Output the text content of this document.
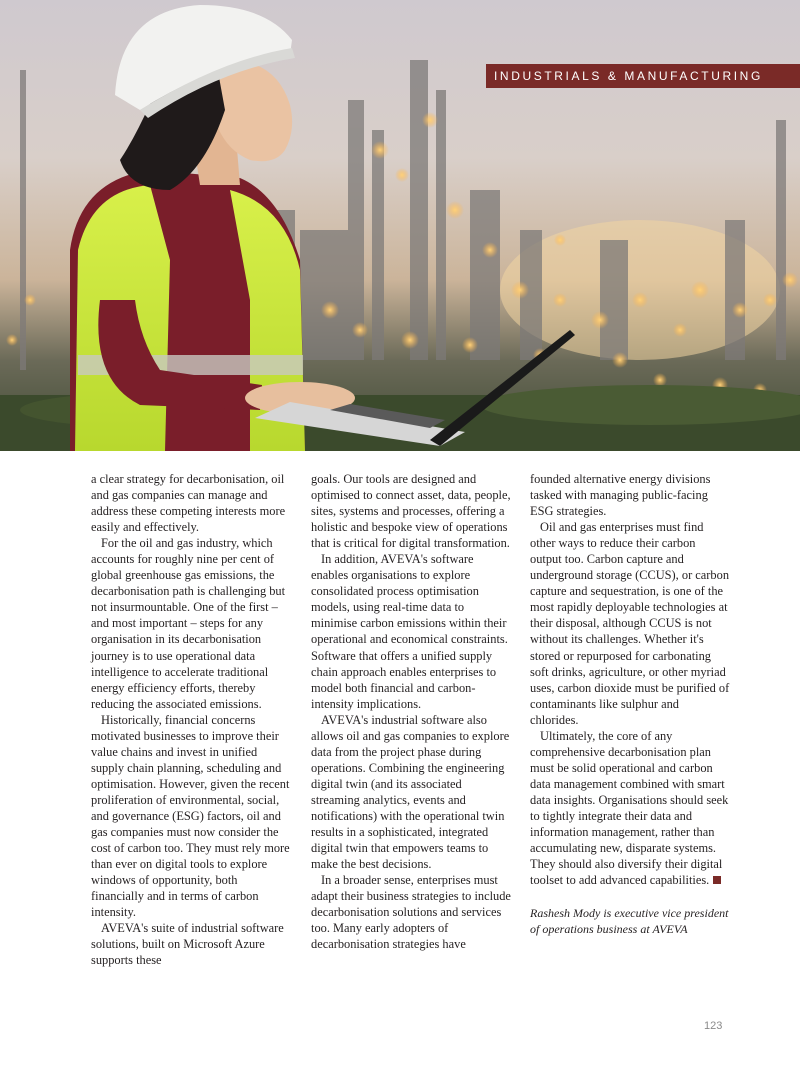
INDUSTRIALS & MANUFACTURING

a clear strategy for decarbonisation, oil and gas companies can manage and address these competing interests more easily and effectively.

For the oil and gas industry, which accounts for roughly nine per cent of global greenhouse gas emissions, the decarbonisation path is challenging but not insurmountable. One of the first – and most important – steps for any organisation in its decarbonisation journey is to use operational data intelligence to accelerate traditional energy efficiency efforts, thereby reducing the associated emissions.

Historically, financial concerns motivated businesses to improve their value chains and invest in unified supply chain planning, scheduling and optimisation. However, given the recent proliferation of environmental, social, and governance (ESG) factors, oil and gas companies must now consider the cost of carbon too. They must rely more than ever on digital tools to explore windows of opportunity, both financially and in terms of carbon intensity.

AVEVA's suite of industrial software solutions, built on Microsoft Azure supports these

goals. Our tools are designed and optimised to connect asset, data, people, sites, systems and processes, offering a holistic and bespoke view of operations that is critical for digital transformation.

In addition, AVEVA's software enables organisations to explore consolidated process optimisation models, using real-time data to minimise carbon emissions within their operational and economical constraints. Software that offers a unified supply chain approach enables enterprises to model both financial and carbon-intensity implications.

AVEVA's industrial software also allows oil and gas companies to explore data from the project phase during operations. Combining the engineering digital twin (and its associated streaming analytics, events and notifications) with the operational twin results in a sophisticated, integrated digital twin that empowers teams to make the best decisions.

In a broader sense, enterprises must adapt their business strategies to include decarbonisation solutions and services too. Many early adopters of decarbonisation strategies have

founded alternative energy divisions tasked with managing public-facing ESG strategies.

Oil and gas enterprises must find other ways to reduce their carbon output too. Carbon capture and underground storage (CCUS), or carbon capture and sequestration, is one of the most rapidly deployable technologies at their disposal, although CCUS is not without its challenges. Whether it's stored or repurposed for carbonating soft drinks, agriculture, or other myriad uses, carbon dioxide must be purified of contaminants like sulphur and chlorides.

Ultimately, the core of any comprehensive decarbonisation plan must be solid operational and carbon data management combined with smart data insights. Organisations should seek to tightly integrate their data and information management, rather than accumulating new, disparate systems. They should also diversify their digital toolset to add advanced capabilities.

Rashesh Mody is executive vice president of operations business at AVEVA

123
